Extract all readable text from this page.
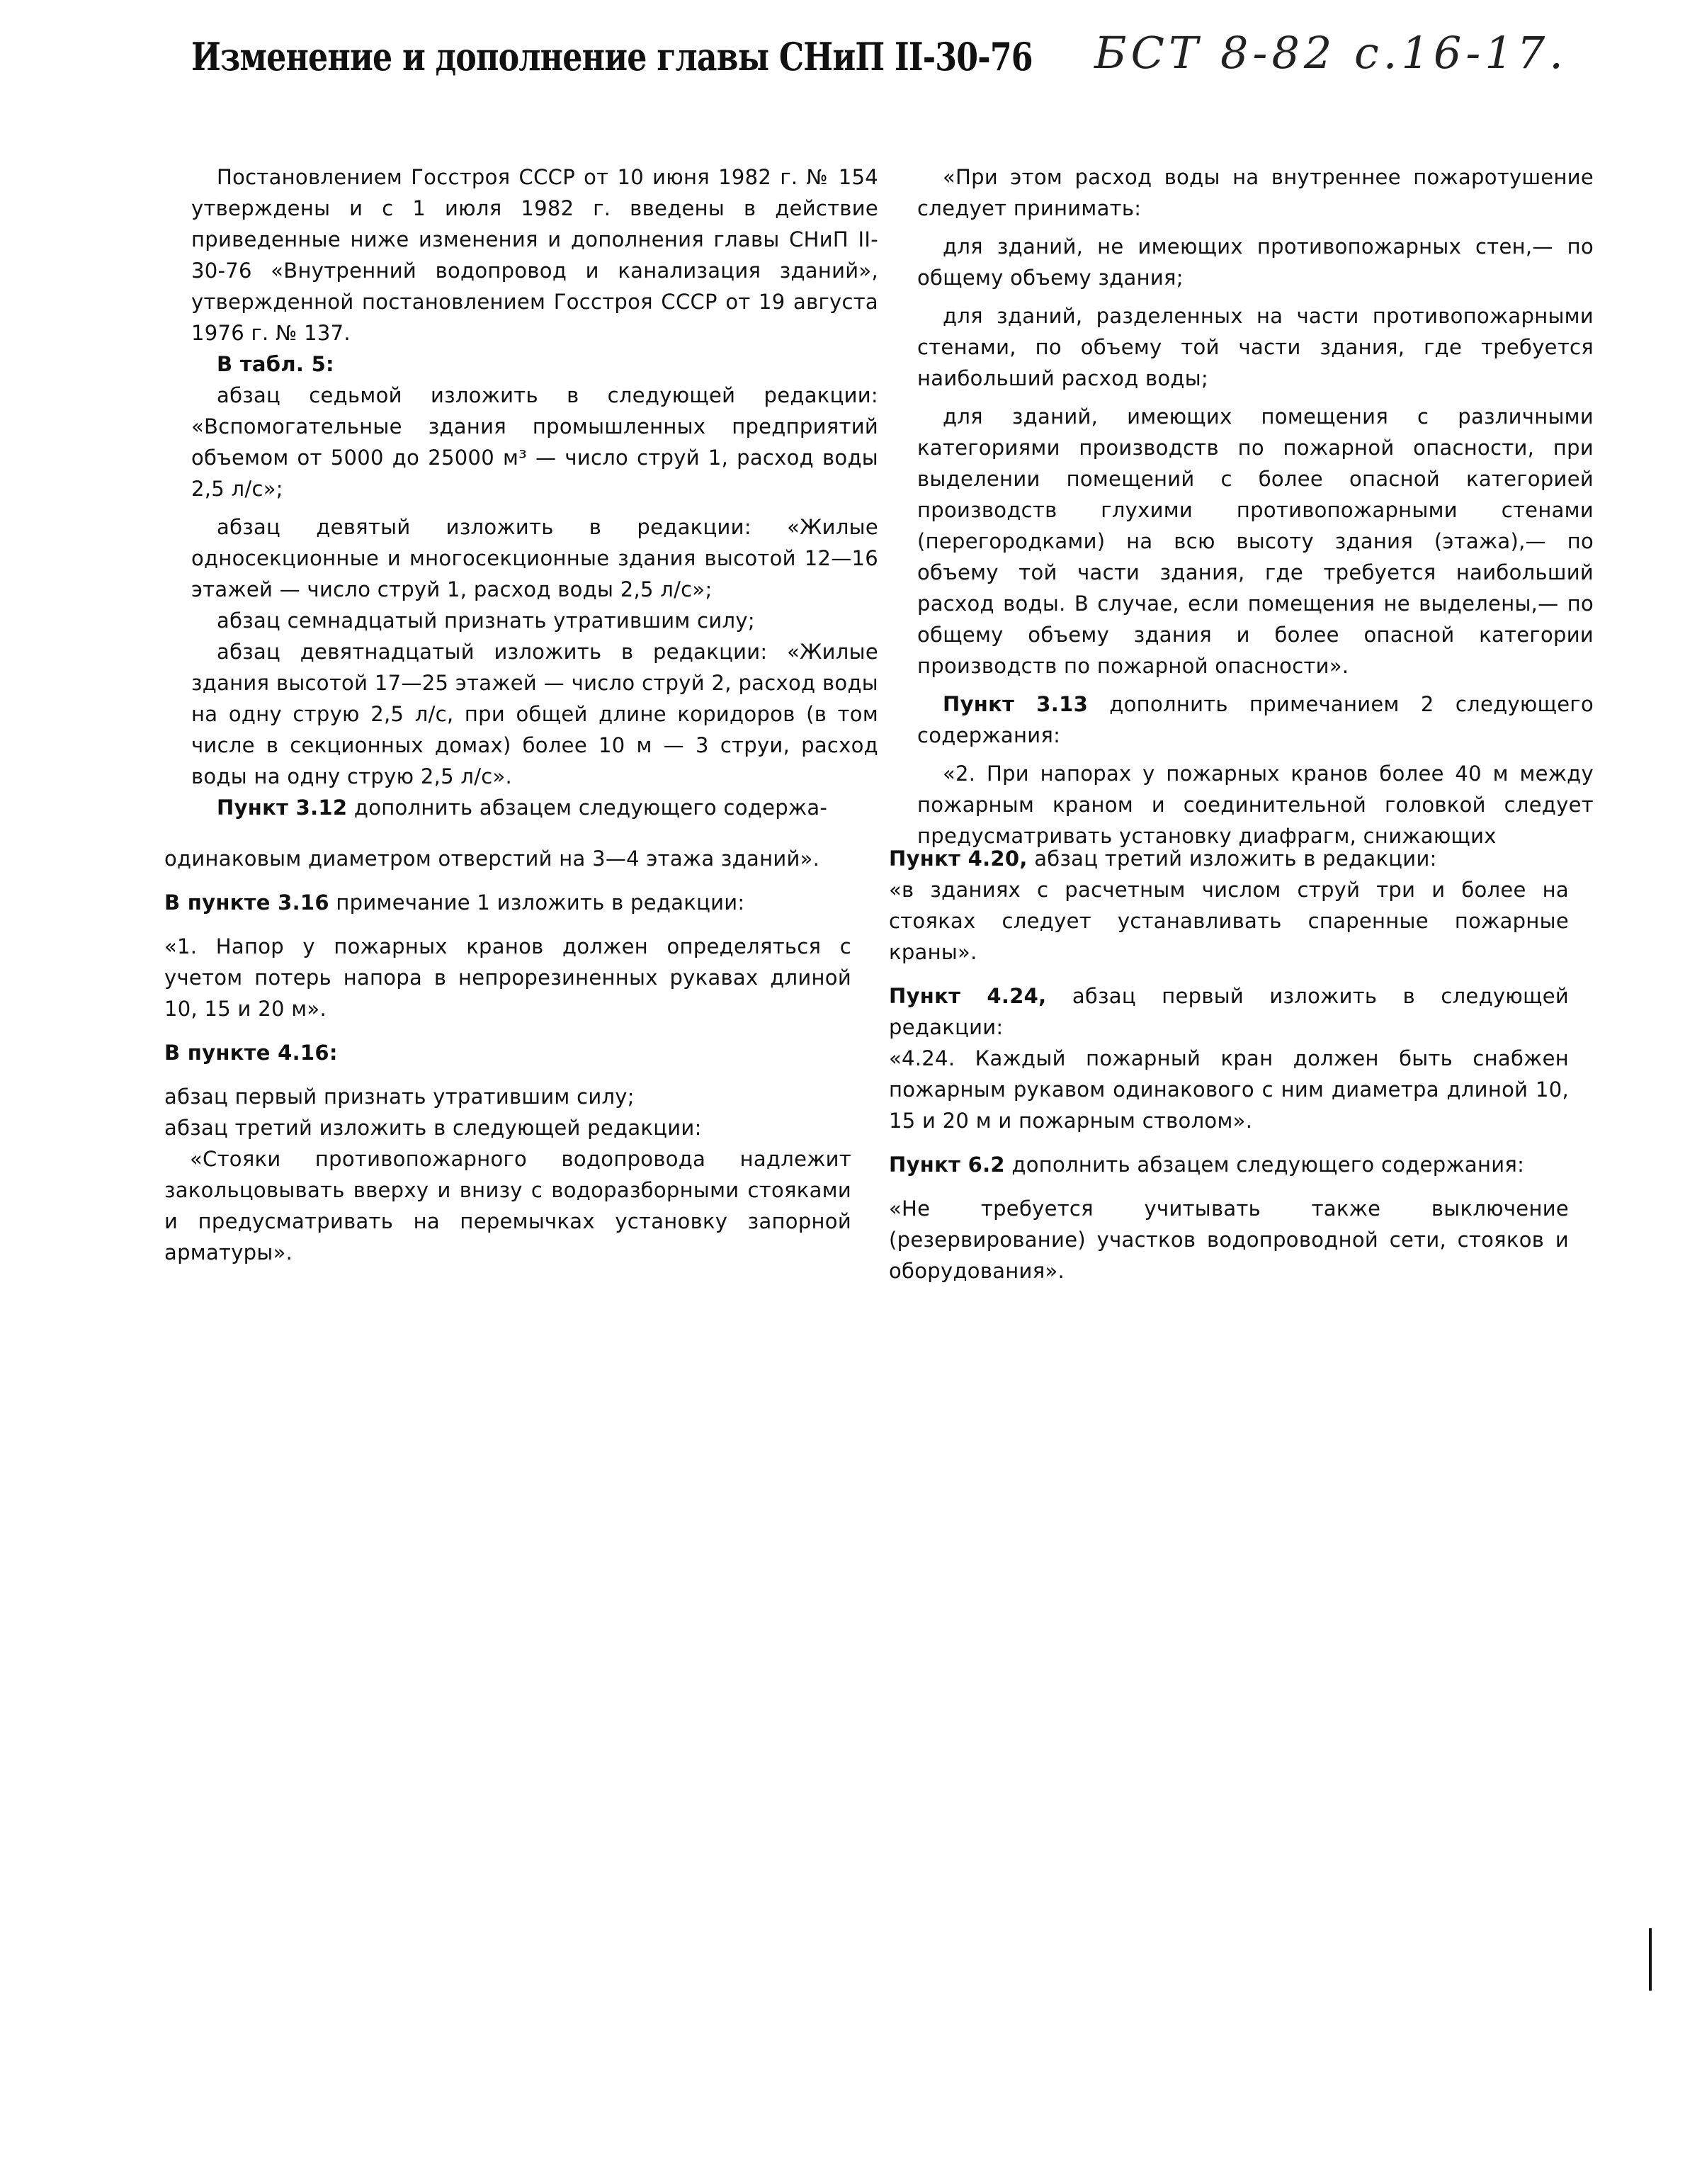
Изменение и дополнение главы СНиП II-30-76 БСТ 8-82 с.16-17.

Постановлением Госстроя СССР от 10 июня 1982 г. № 154 утверждены и с 1 июля 1982 г. введены в действие приведенные ниже изменения и дополнения главы СНиП II-30-76 «Внутренний водопровод и канализация зданий», утвержденной постановлением Госстроя СССР от 19 августа 1976 г. № 137.

В табл. 5:

абзац седьмой изложить в следующей редакции: «Вспомогательные здания промышленных предприятий объемом от 5000 до 25000 м³ — число струй 1, расход воды 2,5 л/с»;

абзац девятый изложить в редакции: «Жилые односекционные и многосекционные здания высотой 12—16 этажей — число струй 1, расход воды 2,5 л/с»;

абзац семнадцатый признать утратившим силу;

абзац девятнадцатый изложить в редакции: «Жилые здания высотой 17—25 этажей — число струй 2, расход воды на одну струю 2,5 л/с, при общей длине коридоров (в том числе в секционных домах) более 10 м — 3 струи, расход воды на одну струю 2,5 л/с».

Пункт 3.12 дополнить абзацем следующего содержа-

«При этом расход воды на внутреннее пожаротушение следует принимать:

для зданий, не имеющих противопожарных стен,— по общему объему здания;

для зданий, разделенных на части противопожарными стенами, по объему той части здания, где требуется наибольший расход воды;

для зданий, имеющих помещения с различными категориями производств по пожарной опасности, при выделении помещений с более опасной категорией производств глухими противопожарными стенами (перегородками) на всю высоту здания (этажа),— по объему той части здания, где требуется наибольший расход воды. В случае, если помещения не выделены,— по общему объему здания и более опасной категории производств по пожарной опасности».

Пункт 3.13 дополнить примечанием 2 следующего содержания:

«2. При напорах у пожарных кранов более 40 м между пожарным краном и соединительной головкой следует предусматривать установку диафрагм, снижающих

одинаковым диаметром отверстий на 3—4 этажа зданий».

В пункте 3.16 примечание 1 изложить в редакции:

«1. Напор у пожарных кранов должен определяться с учетом потерь напора в непрорезиненных рукавах длиной 10, 15 и 20 м».

В пункте 4.16:

абзац первый признать утратившим силу;

абзац третий изложить в следующей редакции:

«Стояки противопожарного водопровода надлежит закольцовывать вверху и внизу с водоразборными стояками и предусматривать на перемычках установку запорной арматуры».

Пункт 4.20, абзац третий изложить в редакции:

«в зданиях с расчетным числом струй три и более на стояках следует устанавливать спаренные пожарные краны».

Пункт 4.24, абзац первый изложить в следующей редакции:

«4.24. Каждый пожарный кран должен быть снабжен пожарным рукавом одинакового с ним диаметра длиной 10, 15 и 20 м и пожарным стволом».

Пункт 6.2 дополнить абзацем следующего содержания:

«Не требуется учитывать также выключение (резервирование) участков водопроводной сети, стояков и оборудования».
